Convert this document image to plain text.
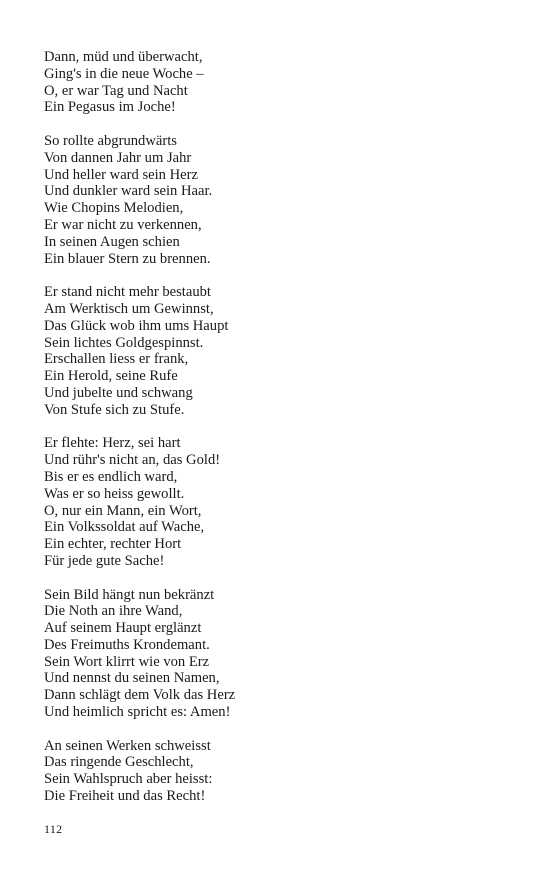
Dann, müd und überwacht,
Ging's in die neue Woche –
O, er war Tag und Nacht
Ein Pegasus im Joche!
So rollte abgrundwärts
Von dannen Jahr um Jahr
Und heller ward sein Herz
Und dunkler ward sein Haar.
Wie Chopins Melodien,
Er war nicht zu verkennen,
In seinen Augen schien
Ein blauer Stern zu brennen.
Er stand nicht mehr bestaubt
Am Werktisch um Gewinnst,
Das Glück wob ihm ums Haupt
Sein lichtes Goldgespinnst.
Erschallen liess er frank,
Ein Herold, seine Rufe
Und jubelte und schwang
Von Stufe sich zu Stufe.
Er flehte: Herz, sei hart
Und rühr's nicht an, das Gold!
Bis er es endlich ward,
Was er so heiss gewollt.
O, nur ein Mann, ein Wort,
Ein Volkssoldat auf Wache,
Ein echter, rechter Hort
Für jede gute Sache!
Sein Bild hängt nun bekränzt
Die Noth an ihre Wand,
Auf seinem Haupt erglänzt
Des Freimuths Krondemant.
Sein Wort klirrt wie von Erz
Und nennst du seinen Namen,
Dann schlägt dem Volk das Herz
Und heimlich spricht es: Amen!
An seinen Werken schweisst
Das ringende Geschlecht,
Sein Wahlspruch aber heisst:
Die Freiheit und das Recht!
112
